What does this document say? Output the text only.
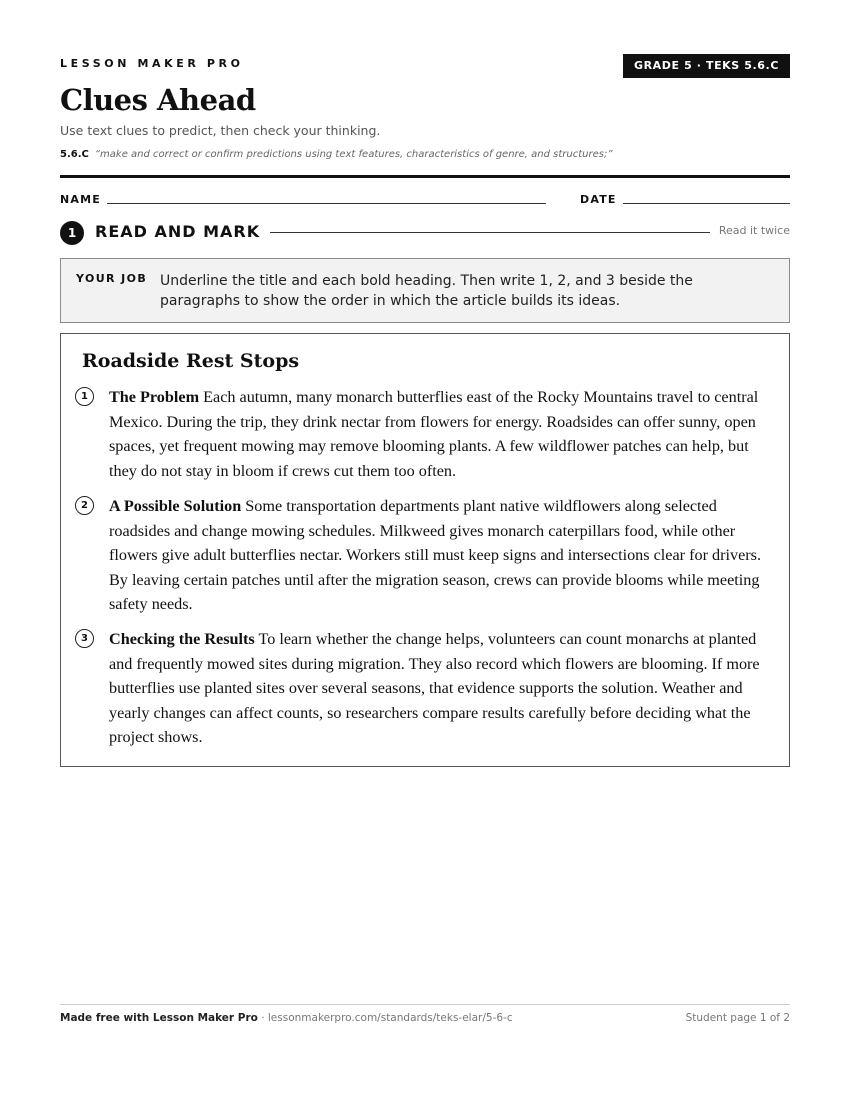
LESSON MAKER PRO	GRADE 5 · TEKS 5.6.C
Clues Ahead
Use text clues to predict, then check your thinking.
5.6.C “make and correct or confirm predictions using text features, characteristics of genre, and structures;”
NAME	DATE
1	READ AND MARK	Read it twice
YOUR JOB Underline the title and each bold heading. Then write 1, 2, and 3 beside the paragraphs to show the order in which the article builds its ideas.
Roadside Rest Stops
1	The Problem Each autumn, many monarch butterflies east of the Rocky Mountains travel to central Mexico. During the trip, they drink nectar from flowers for energy. Roadsides can offer sunny, open spaces, yet frequent mowing may remove blooming plants. A few wildflower patches can help, but they do not stay in bloom if crews cut them too often.
2	A Possible Solution Some transportation departments plant native wildflowers along selected roadsides and change mowing schedules. Milkweed gives monarch caterpillars food, while other flowers give adult butterflies nectar. Workers still must keep signs and intersections clear for drivers. By leaving certain patches until after the migration season, crews can provide blooms while meeting safety needs.
3	Checking the Results To learn whether the change helps, volunteers can count monarchs at planted and frequently mowed sites during migration. They also record which flowers are blooming. If more butterflies use planted sites over several seasons, that evidence supports the solution. Weather and yearly changes can affect counts, so researchers compare results carefully before deciding what the project shows.
Made free with Lesson Maker Pro · lessonmakerpro.com/standards/teks-elar/5-6-c	Student page 1 of 2
